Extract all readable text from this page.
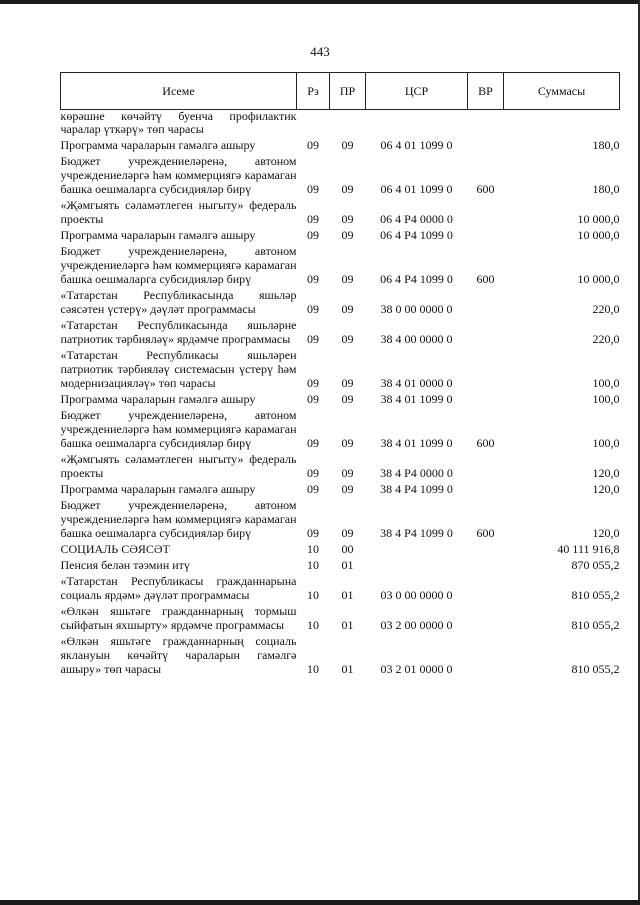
443
Исеме	Рз	ПР	ЦСР	ВР	Суммасы
көрәшне көчәйтү буенча профилактик чаралар үткәрү» төп чарасы					
Программа чараларын гамәлгә ашыру	09	09	06 4 01 1099 0		180,0
Бюджет учреждениеләренә, автоном учреждениеләргә һәм коммерциягә карамаган башка оешмаларга субсидияләр бирү	09	09	06 4 01 1099 0	600	180,0
«Җәмгыять сәламәтлеген ныгыту» федераль проекты	09	09	06 4 Р4 0000 0		10 000,0
Программа чараларын гамәлгә ашыру	09	09	06 4 Р4 1099 0		10 000,0
Бюджет учреждениеләренә, автоном учреждениеләргә һәм коммерциягә карамаган башка оешмаларга субсидияләр бирү	09	09	06 4 Р4 1099 0	600	10 000,0
«Татарстан Республикасында яшьләр сәясәтен үстерү» дәүләт программасы	09	09	38 0 00 0000 0		220,0
«Татарстан Республикасында яшьләрне патриотик тәрбияләү» ярдәмче программасы	09	09	38 4 00 0000 0		220,0
«Татарстан Республикасы яшьләрен патриотик тәрбияләү системасын үстерү һәм модернизацияләү» төп чарасы	09	09	38 4 01 0000 0		100,0
Программа чараларын гамәлгә ашыру	09	09	38 4 01 1099 0		100,0
Бюджет учреждениеләренә, автоном учреждениеләргә һәм коммерциягә карамаган башка оешмаларга субсидияләр бирү	09	09	38 4 01 1099 0	600	100,0
«Җәмгыять сәламәтлеген ныгыту» федераль проекты	09	09	38 4 Р4 0000 0		120,0
Программа чараларын гамәлгә ашыру	09	09	38 4 Р4 1099 0		120,0
Бюджет учреждениеләренә, автоном учреждениеләргә һәм коммерциягә карамаган башка оешмаларга субсидияләр бирү	09	09	38 4 Р4 1099 0	600	120,0
СОЦИАЛЬ СӘЯСӘТ	10	00			40 111 916,8
Пенсия белән тәэмин итү	10	01			870 055,2
«Татарстан Республикасы гражданнарына социаль ярдәм» дәүләт программасы	10	01	03 0 00 0000 0		810 055,2
«Өлкән яшьтәге гражданнарның тормыш сыйфатын яхшырту» ярдәмче программасы	10	01	03 2 00 0000 0		810 055,2
«Өлкән яшьтәге гражданнарның социаль яклануын көчәйтү чараларын гамәлгә ашыру» төп чарасы	10	01	03 2 01 0000 0		810 055,2
